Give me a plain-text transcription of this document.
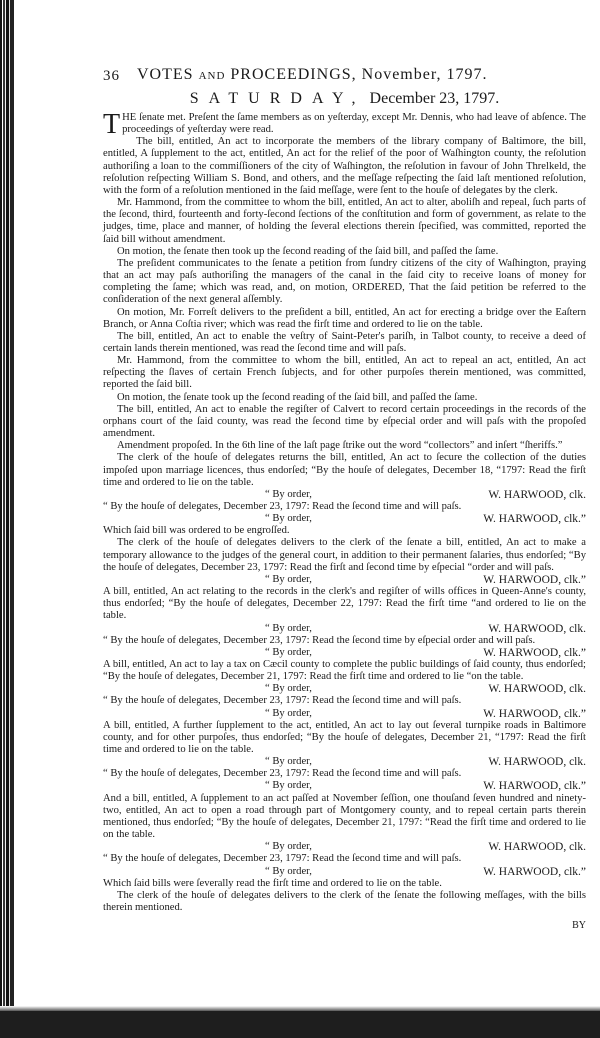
36 VOTES AND PROCEEDINGS, November, 1797.
SATURDAY, December 23, 1797.

THE ſenate met. Preſent the ſame members as on yeſterday, except Mr. Dennis, who had leave of abſence. The proceedings of yeſterday were read.

The bill, entitled, An act to incorporate the members of the library company of Baltimore, the bill, entitled, A ſupplement to the act, entitled, An act for the relief of the poor of Waſhington county, the reſolution authoriſing a loan to the commiſſioners of the city of Waſhington, the reſolution in favour of John Threlkeld, the reſolution reſpecting William S. Bond, and others, and the meſſage reſpecting the ſaid laſt mentioned reſolution, with the form of a reſolution mentioned in the ſaid meſſage, were ſent to the houſe of delegates by the clerk.

Mr. Hammond, from the committee to whom the bill, entitled, An act to alter, aboliſh and repeal, ſuch parts of the ſecond, third, fourteenth and forty-ſecond ſections of the conſtitution and form of government, as relate to the judges, time, place and manner, of holding the ſeveral elections therein ſpecified, was committed, reported the ſaid bill without amendment.

On motion, the ſenate then took up the ſecond reading of the ſaid bill, and paſſed the ſame.

The preſident communicates to the ſenate a petition from ſundry citizens of the city of Waſhington, praying that an act may paſs authoriſing the managers of the canal in the ſaid city to receive loans of money for completing the ſame; which was read, and, on motion, ORDERED, That the ſaid petition be referred to the conſideration of the next general aſſembly.

On motion, Mr. Forreſt delivers to the preſident a bill, entitled, An act for erecting a bridge over the Eaſtern Branch, or Anna Coſtia river; which was read the firſt time and ordered to lie on the table.

The bill, entitled, An act to enable the veſtry of Saint-Peter's pariſh, in Talbot county, to receive a deed of certain lands therein mentioned, was read the ſecond time and will paſs.

Mr. Hammond, from the committee to whom the bill, entitled, An act to repeal an act, entitled, An act reſpecting the ſlaves of certain French ſubjects, and for other purpoſes therein mentioned, was committed, reported the ſaid bill.

On motion, the ſenate took up the ſecond reading of the ſaid bill, and paſſed the ſame.

The bill, entitled, An act to enable the regiſter of Calvert to record certain proceedings in the records of the orphans court of the ſaid county, was read the ſecond time by eſpecial order and will paſs with the propoſed amendment.

Amendment propoſed. In the 6th line of the laſt page ſtrike out the word “collectors” and inſert “ſheriffs.”

The clerk of the houſe of delegates returns the bill, entitled, An act to ſecure the collection of the duties impoſed upon marriage licences, thus endorſed; “By the houſe of delegates, December 18, “1797: Read the firſt time and ordered to lie on the table.

“ By order,	W. HARWOOD, clk.

“ By the houſe of delegates, December 23, 1797: Read the ſecond time and will paſs.

“ By order,	W. HARWOOD, clk.”

Which ſaid bill was ordered to be engroſſed.

The clerk of the houſe of delegates delivers to the clerk of the ſenate a bill, entitled, An act to make a temporary allowance to the judges of the general court, in addition to their permanent ſalaries, thus endorſed; “By the houſe of delegates, December 23, 1797: Read the firſt and ſecond time by eſpecial “order and will paſs.

“ By order,	W. HARWOOD, clk.”

A bill, entitled, An act relating to the records in the clerk's and regiſter of wills offices in Queen-Anne's county, thus endorſed; “By the houſe of delegates, December 22, 1797: Read the firſt time “and ordered to lie on the table.

“ By order,	W. HARWOOD, clk.

“ By the houſe of delegates, December 23, 1797: Read the ſecond time by eſpecial order and will paſs.

“ By order,	W. HARWOOD, clk.”

A bill, entitled, An act to lay a tax on Cæcil county to complete the public buildings of ſaid county, thus endorſed; “By the houſe of delegates, December 21, 1797: Read the firſt time and ordered to lie “on the table.

“ By order,	W. HARWOOD, clk.

“ By the houſe of delegates, December 23, 1797: Read the ſecond time and will paſs.

“ By order,	W. HARWOOD, clk.”

A bill, entitled, A further ſupplement to the act, entitled, An act to lay out ſeveral turnpike roads in Baltimore county, and for other purpoſes, thus endorſed; “By the houſe of delegates, December 21, “1797: Read the firſt time and ordered to lie on the table.

“ By order,	W. HARWOOD, clk.

“ By the houſe of delegates, December 23, 1797: Read the ſecond time and will paſs.

“ By order,	W. HARWOOD, clk.”

And a bill, entitled, A ſupplement to an act paſſed at November ſeſſion, one thouſand ſeven hundred and ninety-two, entitled, An act to open a road through part of Montgomery county, and to repeal certain parts therein mentioned, thus endorſed; “By the houſe of delegates, December 21, 1797: “Read the firſt time and ordered to lie on the table.

“ By order,	W. HARWOOD, clk.

“ By the houſe of delegates, December 23, 1797: Read the ſecond time and will paſs.

“ By order,	W. HARWOOD, clk.”

Which ſaid bills were ſeverally read the firſt time and ordered to lie on the table.

The clerk of the houſe of delegates delivers to the clerk of the ſenate the following meſſages, with the bills therein mentioned.

BY
